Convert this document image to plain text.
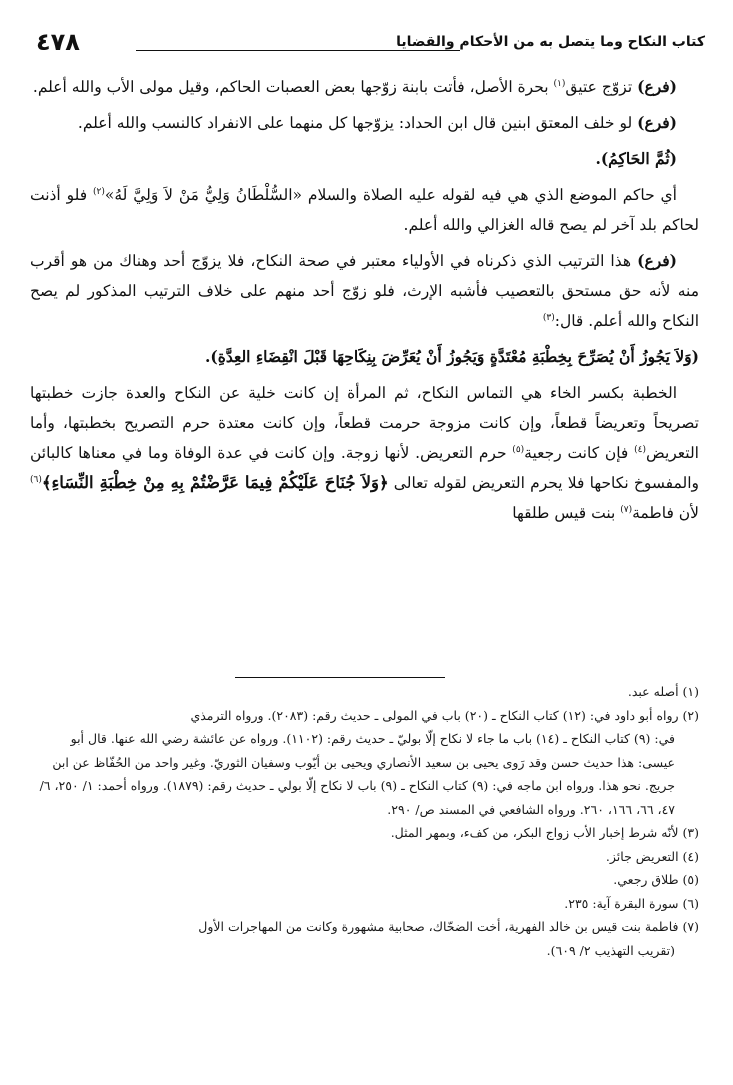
كتاب النكاح وما يتصل به من الأحكام والقضايا
٤٧٨

(فرع) تزوّج عتيق$^{(١)}$ بحرة الأصل، فأتت بابنة زوّجها بعض العصبات الحاكم، وقيل مولى الأب والله أعلم.

(فرع) لو خلف المعتق ابنين قال ابن الحداد: يزوّجها كل منهما على الانفراد كالنسب والله أعلم.

(ثُمَّ الحَاكِمُ).

أي حاكم الموضع الذي هي فيه لقوله عليه الصلاة والسلام «السُّلْطَانُ وَلِيُّ مَنْ لاَ وَلِيَّ لَهُ»$^{(٢)}$ فلو أذنت لحاكم بلد آخر لم يصح قاله الغزالي والله أعلم.

(فرع) هذا الترتيب الذي ذكرناه في الأولياء معتبر في صحة النكاح، فلا يزوّج أحد وهناك من هو أقرب منه لأنه حق مستحق بالتعصيب فأشبه الإرث، فلو زوّج أحد منهم على خلاف الترتيب المذكور لم يصح النكاح والله أعلم. قال:$^{(٣)}$

(وَلاَ يَجُوزُ أَنْ يُصَرِّحَ بِخِطْبَةِ مُعْتَدَّةٍ وَيَجُوزُ أَنْ يُعَرِّضَ بِنِكَاحِهَا قَبْلَ انْقِضَاءِ العِدَّةِ).

الخطبة بكسر الخاء هي التماس النكاح، ثم المرأة إن كانت خلية عن النكاح والعدة جازت خطبتها تصريحاً وتعريضاً قطعاً، وإن كانت مزوجة حرمت قطعاً، وإن كانت معتدة حرم التصريح بخطبتها، وأما التعريض$^{(٤)}$ فإن كانت رجعية$^{(٥)}$ حرم التعريض. لأنها زوجة. وإن كانت في عدة الوفاة وما في معناها كالبائن والمفسوخ نكاحها فلا يحرم التعريض لقوله تعالى ﴿وَلاَ جُنَاحَ عَلَيْكُمْ فِيمَا عَرَّضْتُمْ بِهِ مِنْ خِطْبَةِ النِّسَاءِ﴾$^{(٦)}$ لأن فاطمة$^{(٧)}$ بنت قيس طلقها

(١) أصله عبد.

(٢) رواه أبو داود في: (١٢) كتاب النكاح ـ (٢٠) باب في المولى ـ حديث رقم: (٢٠٨٣). ورواه الترمذي

في: (٩) كتاب النكاح ـ (١٤) باب ما جاء لا نكاح إلّا بوليّ ـ حديث رقم: (١١٠٢). ورواه عن عائشة رضي الله عنها. قال أبو عيسى: هذا حديث حسن وقد رَوى يحيى بن سعيد الأنصاري ويحيى بن أيّوب وسفيان الثوريّ. وغير واحد من الحُفّاظ عن ابن جريج. نحو هذا. ورواه ابن ماجه في: (٩) كتاب النكاح ـ (٩) باب لا نكاح إلّا بولي ـ حديث رقم: (١٨٧٩). ورواه أحمد: ١/ ٢٥٠، ٦/ ٤٧، ٦٦، ١٦٦، ٢٦٠. ورواه الشافعي في المسند ص/ ٢٩٠.

(٣) لأنّه شرط إخبار الأب زواج البكر، من كفء، وبمهر المثل.

(٤) التعريض جائز.

(٥) طلاق رجعي.

(٦) سورة البقرة آية: ٢٣٥.

(٧) فاطمة بنت قيس بن خالد الفهرية، أخت الضحّاك، صحابية مشهورة وكانت من المهاجرات الأول

(تقريب التهذيب ٢/ ٦٠٩).
